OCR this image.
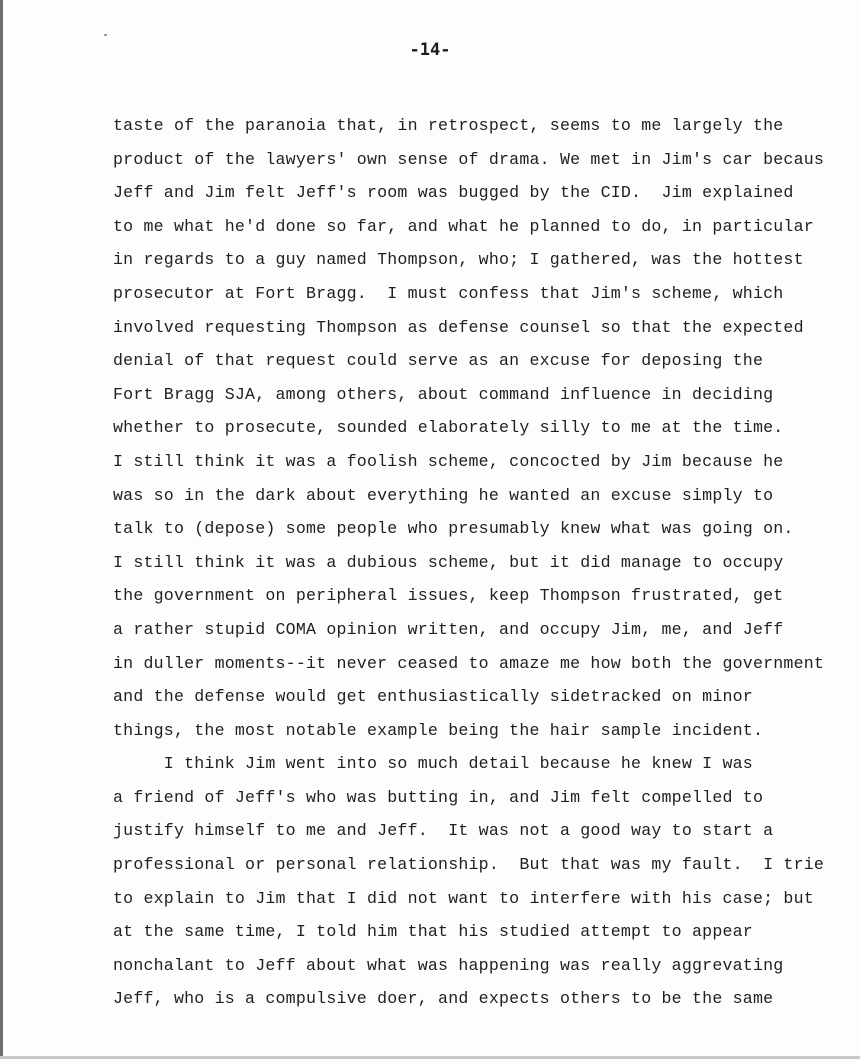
-14-
taste of the paranoia that, in retrospect, seems to me largely the
product of the lawyers' own sense of drama. We met in Jim's car becaus
Jeff and Jim felt Jeff's room was bugged by the CID.  Jim explained
to me what he'd done so far, and what he planned to do, in particular
in regards to a guy named Thompson, who; I gathered, was the hottest
prosecutor at Fort Bragg.  I must confess that Jim's scheme, which
involved requesting Thompson as defense counsel so that the expected
denial of that request could serve as an excuse for deposing the
Fort Bragg SJA, among others, about command influence in deciding
whether to prosecute, sounded elaborately silly to me at the time.
I still think it was a foolish scheme, concocted by Jim because he
was so in the dark about everything he wanted an excuse simply to
talk to (depose) some people who presumably knew what was going on.
I still think it was a dubious scheme, but it did manage to occupy
the government on peripheral issues, keep Thompson frustrated, get
a rather stupid COMA opinion written, and occupy Jim, me, and Jeff
in duller moments--it never ceased to amaze me how both the government
and the defense would get enthusiastically sidetracked on minor
things, the most notable example being the hair sample incident.
I think Jim went into so much detail because he knew I was
a friend of Jeff's who was butting in, and Jim felt compelled to
justify himself to me and Jeff.  It was not a good way to start a
professional or personal relationship.  But that was my fault.  I trie
to explain to Jim that I did not want to interfere with his case; but
at the same time, I told him that his studied attempt to appear
nonchalant to Jeff about what was happening was really aggrevating
Jeff, who is a compulsive doer, and expects others to be the same
